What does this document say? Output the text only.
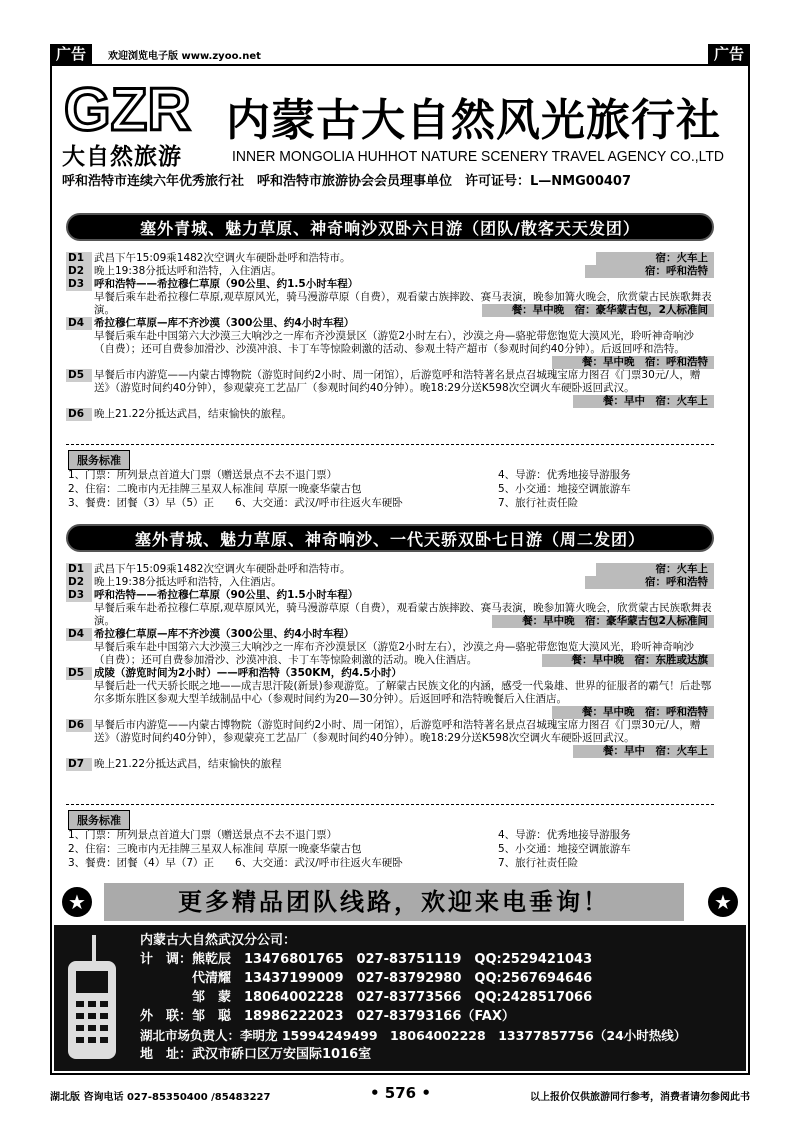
广告	欢迎浏览电子版 www.zyoo.net	广告
GZR
大自然旅游
内蒙古大自然风光旅行社
INNER MONGOLIA HUHHOT NATURE SCENERY TRAVEL AGENCY CO.,LTD
呼和浩特市连续六年优秀旅行社　呼和浩特市旅游协会会员理事单位　许可证号：L—NMG00407
塞外青城、魅力草原、神奇响沙双卧六日游（团队/散客天天发团）
D1 武昌下午15:09乘1482次空调火车硬卧赴呼和浩特市。	宿：火车上
D2 晚上19:38分抵达呼和浩特，入住酒店。	宿：呼和浩特
D3 呼和浩特——希拉穆仁草原（90公里、约1.5小时车程）
早餐后乘车赴希拉穆仁草原,观草原风光，骑马漫游草原（自费），观看蒙古族摔跤、赛马表演，晚参加篝火晚会，欣赏蒙古民族歌舞表演。	餐：早中晚　宿：豪华蒙古包，2人标准间
D4 希拉穆仁草原—库不齐沙漠（300公里、约4小时车程）
早餐后乘车赴中国第六大沙漠三大响沙之一库布齐沙漠景区（游览2小时左右），沙漠之舟—骆驼带您饱览大漠风光，聆听神奇响沙（自费）；还可自费参加滑沙、沙漠冲浪、卡丁车等惊险刺激的活动、参观土特产超市（参观时间约40分钟）。后返回呼和浩特。
餐：早中晚　宿：呼和浩特
D5 早餐后市内游览——内蒙古博物院（游览时间约2小时、周一闭馆），后游览呼和浩特著名景点召城瑰宝席力图召《门票30元/人，赠送》（游览时间约40分钟），参观蒙亮工艺品厂（参观时间约40分钟）。晚18:29分送K598次空调火车硬卧返回武汉。
餐：早中　宿：火车上
D6 晚上21.22分抵达武昌，结束愉快的旅程。
服务标准
1、门票：所列景点首道大门票（赠送景点不去不退门票）
2、住宿：二晚市内无挂牌三星双人标准间 草原一晚豪华蒙古包
3、餐费：团餐（3）早（5）正　　6、大交通：武汉/呼市往返火车硬卧
4、导游：优秀地接导游服务
5、小交通：地接空调旅游车
7、旅行社责任险
塞外青城、魅力草原、神奇响沙、一代天骄双卧七日游（周二发团）
D1 武昌下午15:09乘1482次空调火车硬卧赴呼和浩特市。	宿：火车上
D2 晚上19:38分抵达呼和浩特，入住酒店。	宿：呼和浩特
D3 呼和浩特——希拉穆仁草原（90公里、约1.5小时车程）
早餐后乘车赴希拉穆仁草原,观草原风光，骑马漫游草原（自费），观看蒙古族摔跤、赛马表演，晚参加篝火晚会，欣赏蒙古民族歌舞表演。	餐：早中晚　宿：豪华蒙古包2人标准间
D4 希拉穆仁草原—库不齐沙漠（300公里、约4小时车程）
早餐后乘车赴中国第六大沙漠三大响沙之一库布齐沙漠景区（游览2小时左右），沙漠之舟—骆驼带您饱览大漠风光，聆听神奇响沙（自费）；还可自费参加滑沙、沙漠冲浪、卡丁车等惊险刺激的活动。晚入住酒店。	餐：早中晚　宿：东胜或达旗
D5 成陵（游览时间为2小时）——呼和浩特（350KM，约4.5小时）
早餐后赴一代天骄长眠之地——成吉思汗陵(新景)参观游览。了解蒙古民族文化的内涵，感受一代枭雄、世界的征服者的霸气！后赴鄂尔多斯东胜区参观大型羊绒制品中心（参观时间约为20—30分钟）。后返回呼和浩特晚餐后入住酒店。
餐：早中晚　宿：呼和浩特
D6 早餐后市内游览——内蒙古博物院（游览时间约2小时、周一闭馆），后游览呼和浩特著名景点召城瑰宝席力图召《门票30元/人，赠送》（游览时间约40分钟），参观蒙亮工艺品厂（参观时间约40分钟）。晚18:29分送K598次空调火车硬卧返回武汉。
餐：早中　宿：火车上
D7 晚上21.22分抵达武昌，结束愉快的旅程
服务标准
1、门票：所列景点首道大门票（赠送景点不去不退门票）
2、住宿：三晚市内无挂牌三星双人标准间 草原一晚豪华蒙古包
3、餐费：团餐（4）早（7）正　　6、大交通：武汉/呼市往返火车硬卧
4、导游：优秀地接导游服务
5、小交通：地接空调旅游车
7、旅行社责任险
★	更多精品团队线路，欢迎来电垂询！	★
内蒙古大自然武汉分公司：
计　调：熊乾辰　13476801765　027-83751119　QQ:2529421043
　　　　代清耀　13437199009　027-83792980　QQ:2567694646
　　　　邹　蒙　18064002228　027-83773566　QQ:2428517066
外　联：邹　聪　18986222023　027-83793166（FAX）
湖北市场负责人：李明龙 15994249499　18064002228　13377857756（24小时热线）
地　址：武汉市硚口区万安国际1016室
湖北版 咨询电话 027-85350400 /85483227	• 576 •	以上报价仅供旅游同行参考，消费者请勿参阅此书
